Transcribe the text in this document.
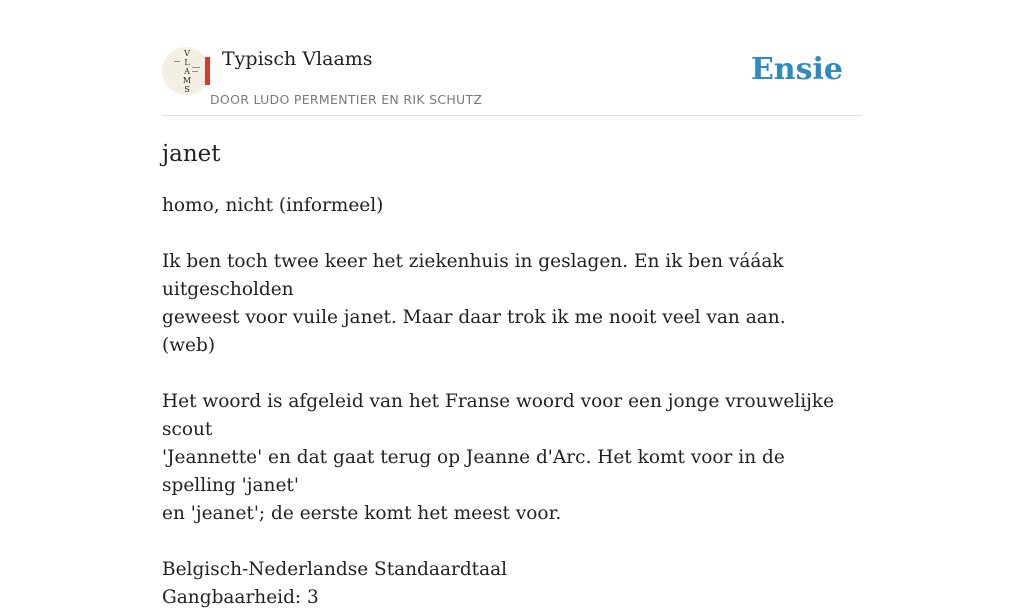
V
L
A
M
S
Typisch Vlaams
DOOR LUDO PERMENTIER EN RIK SCHUTZ
Ensie
janet

homo, nicht (informeel)

Ik ben toch twee keer het ziekenhuis in geslagen. En ik ben vááak uitgescholden

geweest voor vuile janet. Maar daar trok ik me nooit veel van aan.

(web)

Het woord is afgeleid van het Franse woord voor een jonge vrouwelijke scout

'Jeannette' en dat gaat terug op Jeanne d'Arc. Het komt voor in de spelling 'janet'

en 'jeanet'; de eerste komt het meest voor.

Belgisch-Nederlandse Standaardtaal

Gangbaarheid: 3
